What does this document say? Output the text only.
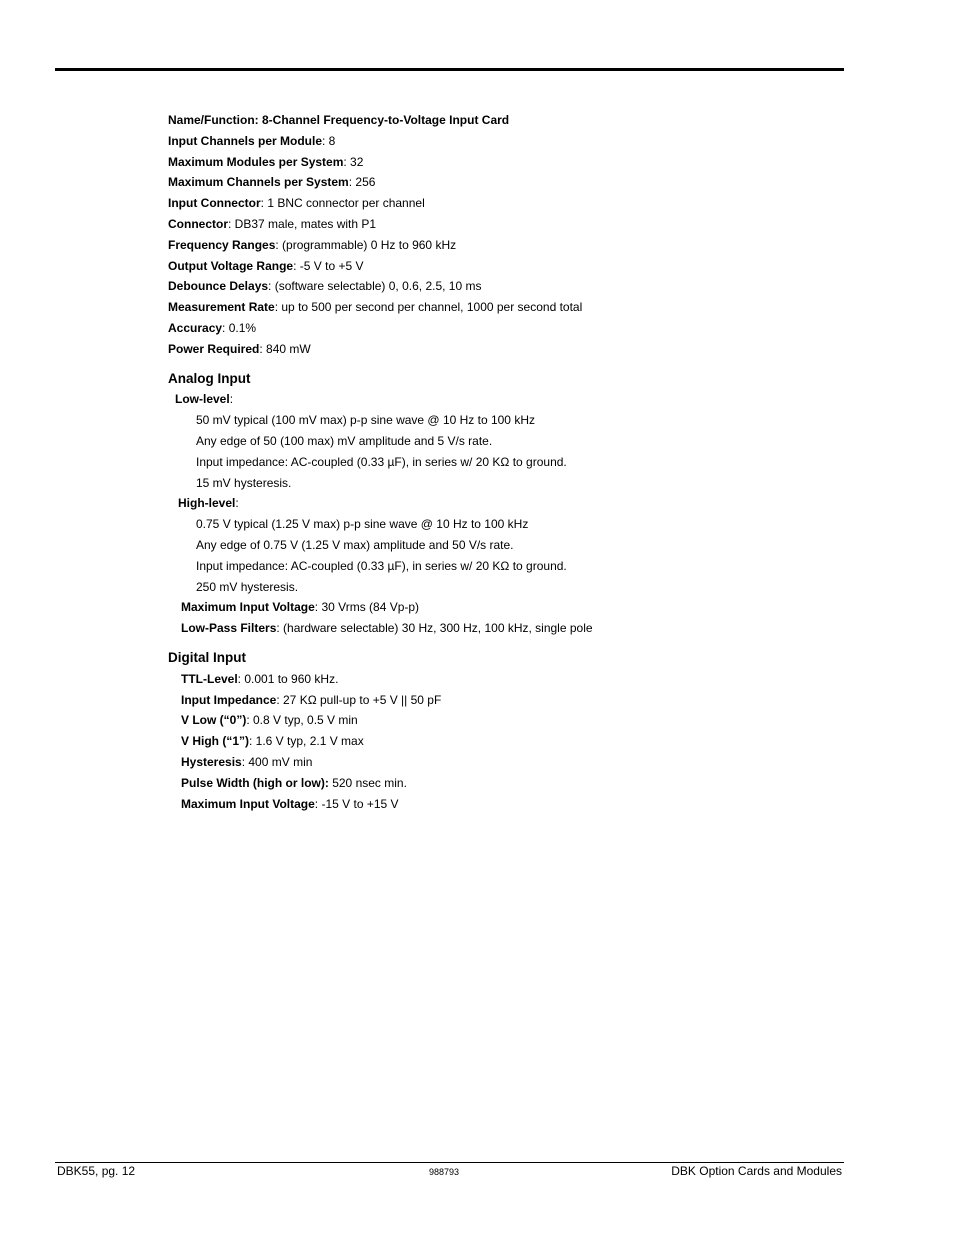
Name/Function: 8-Channel Frequency-to-Voltage Input Card
Input Channels per Module: 8
Maximum Modules per System: 32
Maximum Channels per System: 256
Input Connector: 1 BNC connector per channel
Connector: DB37 male, mates with P1
Frequency Ranges: (programmable) 0 Hz to 960 kHz
Output Voltage Range: -5 V to +5 V
Debounce Delays: (software selectable) 0, 0.6, 2.5, 10 ms
Measurement Rate: up to 500 per second per channel, 1000 per second total
Accuracy: 0.1%
Power Required: 840 mW
Analog Input
Low-level:
50 mV typical (100 mV max) p-p sine wave @ 10 Hz to 100 kHz
Any edge of 50 (100 max) mV amplitude and 5 V/s rate.
Input impedance: AC-coupled (0.33 µF), in series w/ 20 KΩ to ground.
15 mV hysteresis.
High-level:
0.75 V typical (1.25 V max) p-p sine wave @ 10 Hz to 100 kHz
Any edge of 0.75 V (1.25 V max) amplitude and 50 V/s rate.
Input impedance: AC-coupled (0.33 µF), in series w/ 20 KΩ to ground.
250 mV hysteresis.
Maximum Input Voltage: 30 Vrms (84 Vp-p)
Low-Pass Filters: (hardware selectable) 30 Hz, 300 Hz, 100 kHz, single pole
Digital Input
TTL-Level: 0.001 to 960 kHz.
Input Impedance: 27 KΩ pull-up to +5 V || 50 pF
V Low (“0”): 0.8 V typ, 0.5 V min
V High (“1”): 1.6 V typ, 2.1 V max
Hysteresis: 400 mV min
Pulse Width (high or low): 520 nsec min.
Maximum Input Voltage: -15 V to +15 V
DBK55, pg. 12	988793	DBK Option Cards and Modules
